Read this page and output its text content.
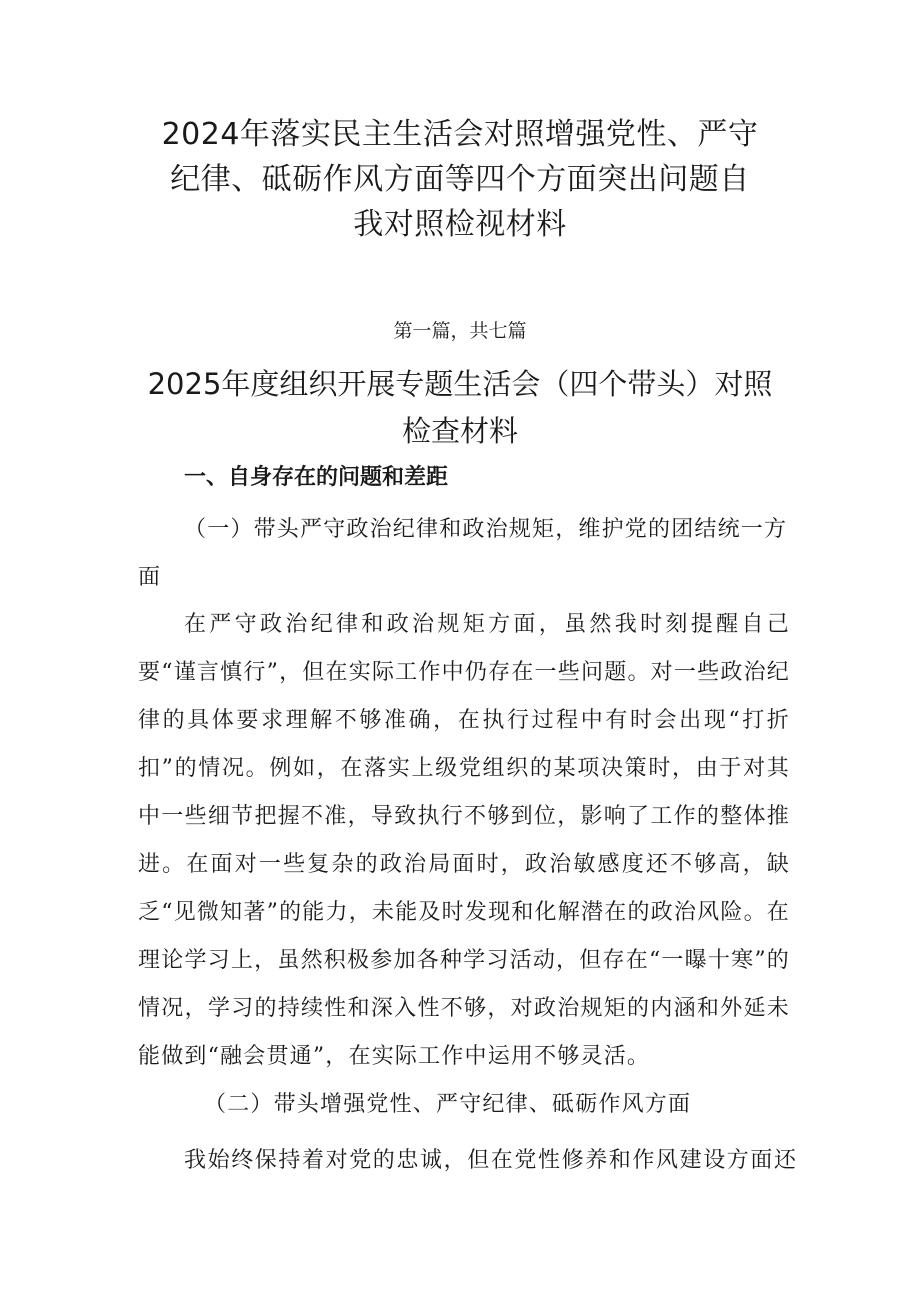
2024年落实民主生活会对照增强党性、严守
纪律、砥砺作风方面等四个方面突出问题自
我对照检视材料
第一篇，共七篇
2025年度组织开展专题生活会（四个带头）对照
检查材料
一、自身存在的问题和差距

（一）带头严守政治纪律和政治规矩，维护党的团结统一方面

在严守政治纪律和政治规矩方面，虽然我时刻提醒自己要“谨言慎行”，但在实际工作中仍存在一些问题。对一些政治纪律的具体要求理解不够准确，在执行过程中有时会出现“打折扣”的情况。例如，在落实上级党组织的某项决策时，由于对其中一些细节把握不准，导致执行不够到位，影响了工作的整体推进。在面对一些复杂的政治局面时，政治敏感度还不够高，缺乏“见微知著”的能力，未能及时发现和化解潜在的政治风险。在理论学习上，虽然积极参加各种学习活动，但存在“一曝十寒”的情况，学习的持续性和深入性不够，对政治规矩的内涵和外延未能做到“融会贯通”，在实际工作中运用不够灵活。

（二）带头增强党性、严守纪律、砥砺作风方面

我始终保持着对党的忠诚，但在党性修养和作风建设方面还
